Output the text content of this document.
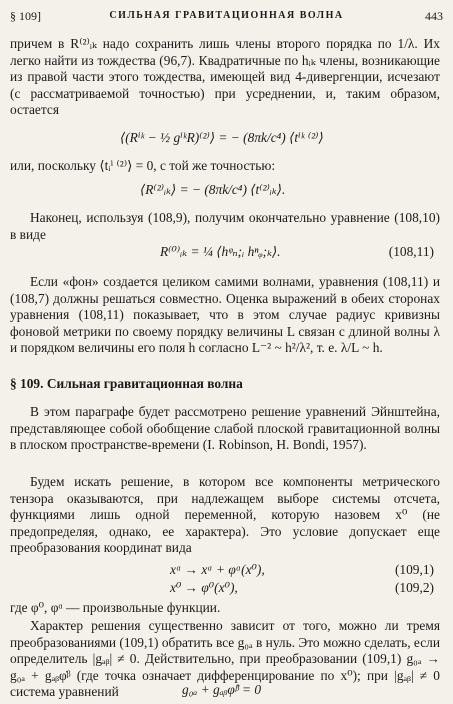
§ 109]	СИЛЬНАЯ ГРАВИТАЦИОННАЯ ВОЛНА	443
причем в R⁽²⁾ᵢₖ надо сохранить лишь члены второго порядка по 1/λ. Их легко найти из тождества (96,7). Квадратичные по hᵢₖ члены, возникающие из правой части этого тождества, имеющей вид 4-дивергенции, исчезают (с рассматриваемой точностью) при усреднении, и, таким образом, остается
⟨(Rⁱᵏ − ½ gⁱᵏR)⁽²⁾⟩ = − (8πk/c⁴) ⟨tⁱᵏ ⁽²⁾⟩
или, поскольку ⟨tᵢⁱ ⁽²⁾⟩ = 0, с той же точностью:
⟨R⁽²⁾ᵢₖ⟩ = − (8πk/c⁴) ⟨t⁽²⁾ᵢₖ⟩.
Наконец, используя (108,9), получим окончательно уравнение (108,10) в виде
R⁽⁰⁾ᵢₖ = ¼ ⟨hᵠₙ;ᵢ hⁿᵩ;ₖ⟩.	(108,11)
Если «фон» создается целиком самими волнами, уравнения (108,11) и (108,7) должны решаться совместно. Оценка выражений в обеих сторонах уравнения (108,11) показывает, что в этом случае радиус кривизны фоновой метрики по своему порядку величины L связан с длиной волны λ и порядком величины его поля h согласно L⁻² ~ h²/λ², т. е. λ/L ~ h.
§ 109. Сильная гравитационная волна
В этом параграфе будет рассмотрено решение уравнений Эйнштейна, представляющее собой обобщение слабой плоской гравитационной волны в плоском пространстве-времени (I. Robinson, H. Bondi, 1957).
Будем искать решение, в котором все компоненты метрического тензора оказываются, при надлежащем выборе системы отсчета, функциями лишь одной переменной, которую назовем x⁰ (не предопределяя, однако, ее характера). Это условие допускает еще преобразования координат вида
xᵅ → xᵅ + φᵅ(x⁰),	(109,1)
x⁰ → φ⁰(x⁰),	(109,2)
где φ⁰, φᵅ — произвольные функции.
Характер решения существенно зависит от того, можно ли тремя преобразованиями (109,1) обратить все g₀ₐ в нуль. Это можно сделать, если определитель |gₐᵦ| ≠ 0. Действительно, при преобразовании (109,1) g₀ₐ → g₀ₐ + gₐᵦφ̇ᵝ (где точка означает дифференцирование по x⁰); при |gₐᵦ| ≠ 0 система уравнений	g₀ₐ + gₐᵦφ̇ᵝ = 0
